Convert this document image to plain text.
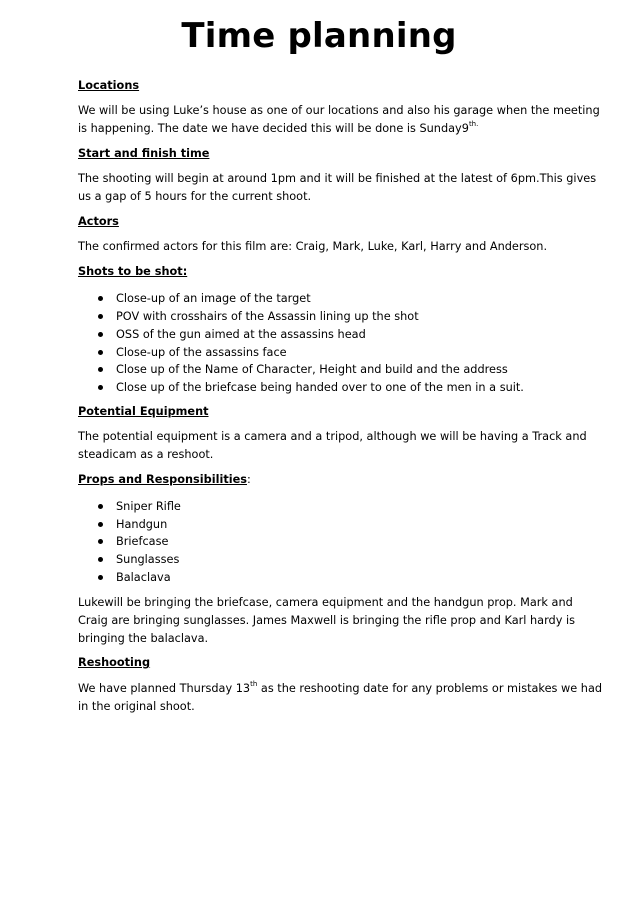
Time planning
Locations
We will be using Luke’s house as one of our locations and also his garage when the meeting
is happening. The date we have decided this will be done is $Sunday9^{th.}$
Start and finish time
The shooting will begin at around 1pm and it will be finished at the latest of 6pm.This gives
us a gap of 5 hours for the current shoot.
Actors
The confirmed actors for this film are: Craig, Mark, Luke, Karl, Harry and Anderson.
Shots to be shot:
Close-up of an image of the target
POV with crosshairs of the Assassin lining up the shot
OSS of the gun aimed at the assassins head
Close-up of the assassins face
Close up of the Name of Character, Height and build and the address
Close up of the briefcase being handed over to one of the men in a suit.
Potential Equipment
The potential equipment is a camera and a tripod, although we will be having a Track and
steadicam as a reshoot.
Props and Responsibilities:
Sniper Rifle
Handgun
Briefcase
Sunglasses
Balaclava
Lukewill be bringing the briefcase, camera equipment and the handgun prop. Mark and
Craig are bringing sunglasses. James Maxwell is bringing the rifle prop and Karl hardy is
bringing the balaclava.
Reshooting
We have planned Thursday 13th as the reshooting date for any problems or mistakes we had
in the original shoot.
